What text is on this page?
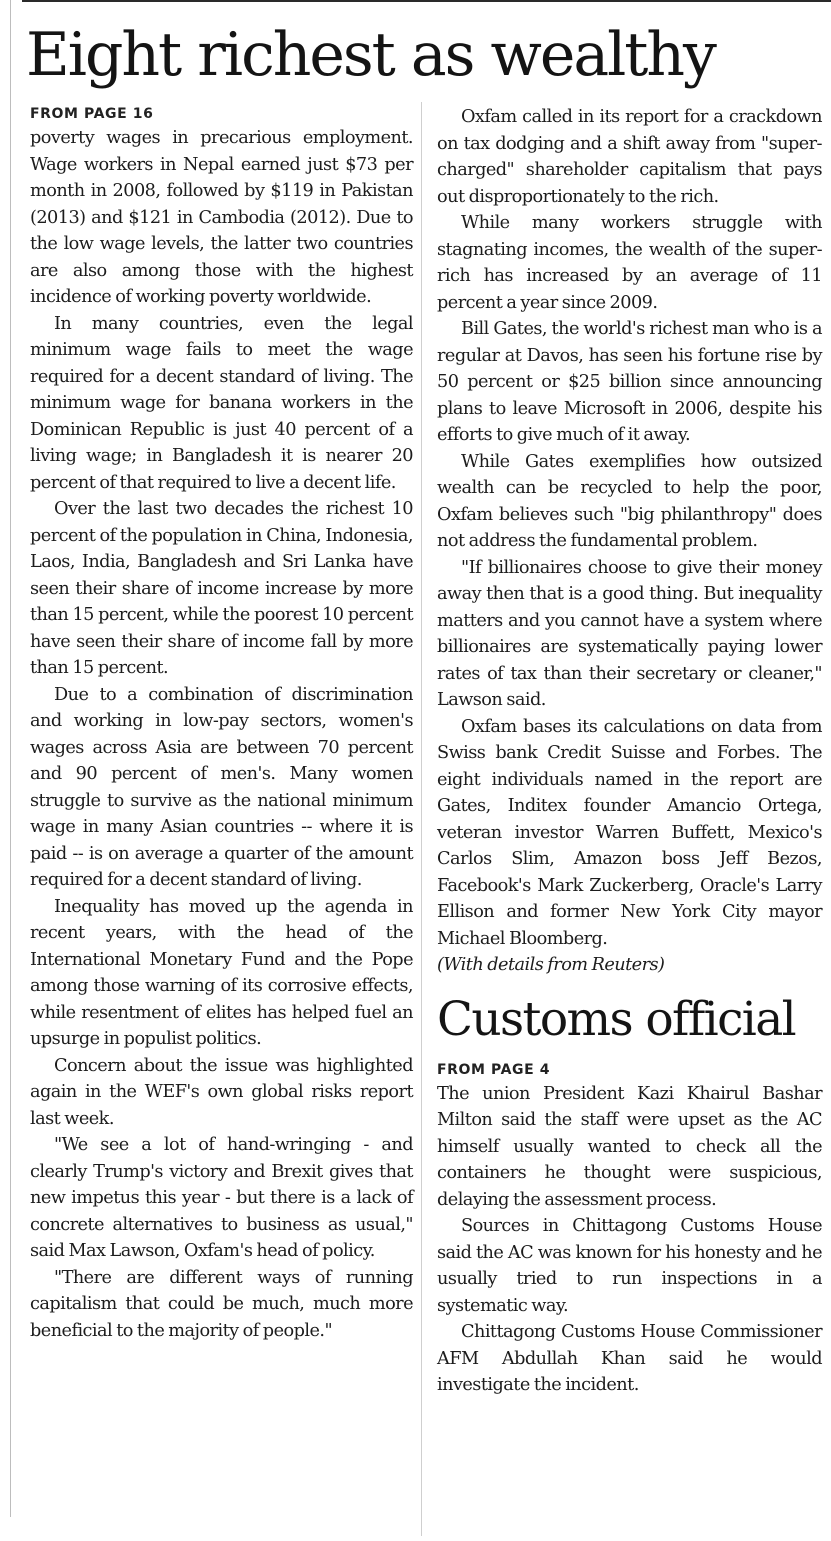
Eight richest as wealthy
FROM PAGE 16

poverty wages in precarious employment. Wage workers in Nepal earned just $73 per month in 2008, followed by $119 in Pakistan (2013) and $121 in Cambodia (2012). Due to the low wage levels, the latter two countries are also among those with the highest incidence of working poverty worldwide.

In many countries, even the legal minimum wage fails to meet the wage required for a decent standard of living. The minimum wage for banana workers in the Dominican Republic is just 40 percent of a living wage; in Bangladesh it is nearer 20 percent of that required to live a decent life.

Over the last two decades the richest 10 percent of the population in China, Indonesia, Laos, India, Bangladesh and Sri Lanka have seen their share of income increase by more than 15 percent, while the poorest 10 percent have seen their share of income fall by more than 15 percent.

Due to a combination of discrimination and working in low-pay sectors, women's wages across Asia are between 70 percent and 90 percent of men's. Many women struggle to survive as the national minimum wage in many Asian countries -- where it is paid -- is on average a quarter of the amount required for a decent standard of living.

Inequality has moved up the agenda in recent years, with the head of the International Monetary Fund and the Pope among those warning of its corrosive effects, while resentment of elites has helped fuel an upsurge in populist politics.

Concern about the issue was highlighted again in the WEF's own global risks report last week.

"We see a lot of hand-wringing - and clearly Trump's victory and Brexit gives that new impetus this year - but there is a lack of concrete alternatives to business as usual," said Max Lawson, Oxfam's head of policy.

"There are different ways of running capitalism that could be much, much more beneficial to the majority of people."

Oxfam called in its report for a crackdown on tax dodging and a shift away from "super-charged" shareholder capitalism that pays out disproportionately to the rich.

While many workers struggle with stagnating incomes, the wealth of the super-rich has increased by an average of 11 percent a year since 2009.

Bill Gates, the world's richest man who is a regular at Davos, has seen his fortune rise by 50 percent or $25 billion since announcing plans to leave Microsoft in 2006, despite his efforts to give much of it away.

While Gates exemplifies how outsized wealth can be recycled to help the poor, Oxfam believes such "big philanthropy" does not address the fundamental problem.

"If billionaires choose to give their money away then that is a good thing. But inequality matters and you cannot have a system where billionaires are systematically paying lower rates of tax than their secretary or cleaner," Lawson said.

Oxfam bases its calculations on data from Swiss bank Credit Suisse and Forbes. The eight individuals named in the report are Gates, Inditex founder Amancio Ortega, veteran investor Warren Buffett, Mexico's Carlos Slim, Amazon boss Jeff Bezos, Facebook's Mark Zuckerberg, Oracle's Larry Ellison and former New York City mayor Michael Bloomberg.

(With details from Reuters)

Customs official
FROM PAGE 4

The union President Kazi Khairul Bashar Milton said the staff were upset as the AC himself usually wanted to check all the containers he thought were suspicious, delaying the assessment process.

Sources in Chittagong Customs House said the AC was known for his honesty and he usually tried to run inspections in a systematic way.

Chittagong Customs House Commissioner AFM Abdullah Khan said he would investigate the incident.
